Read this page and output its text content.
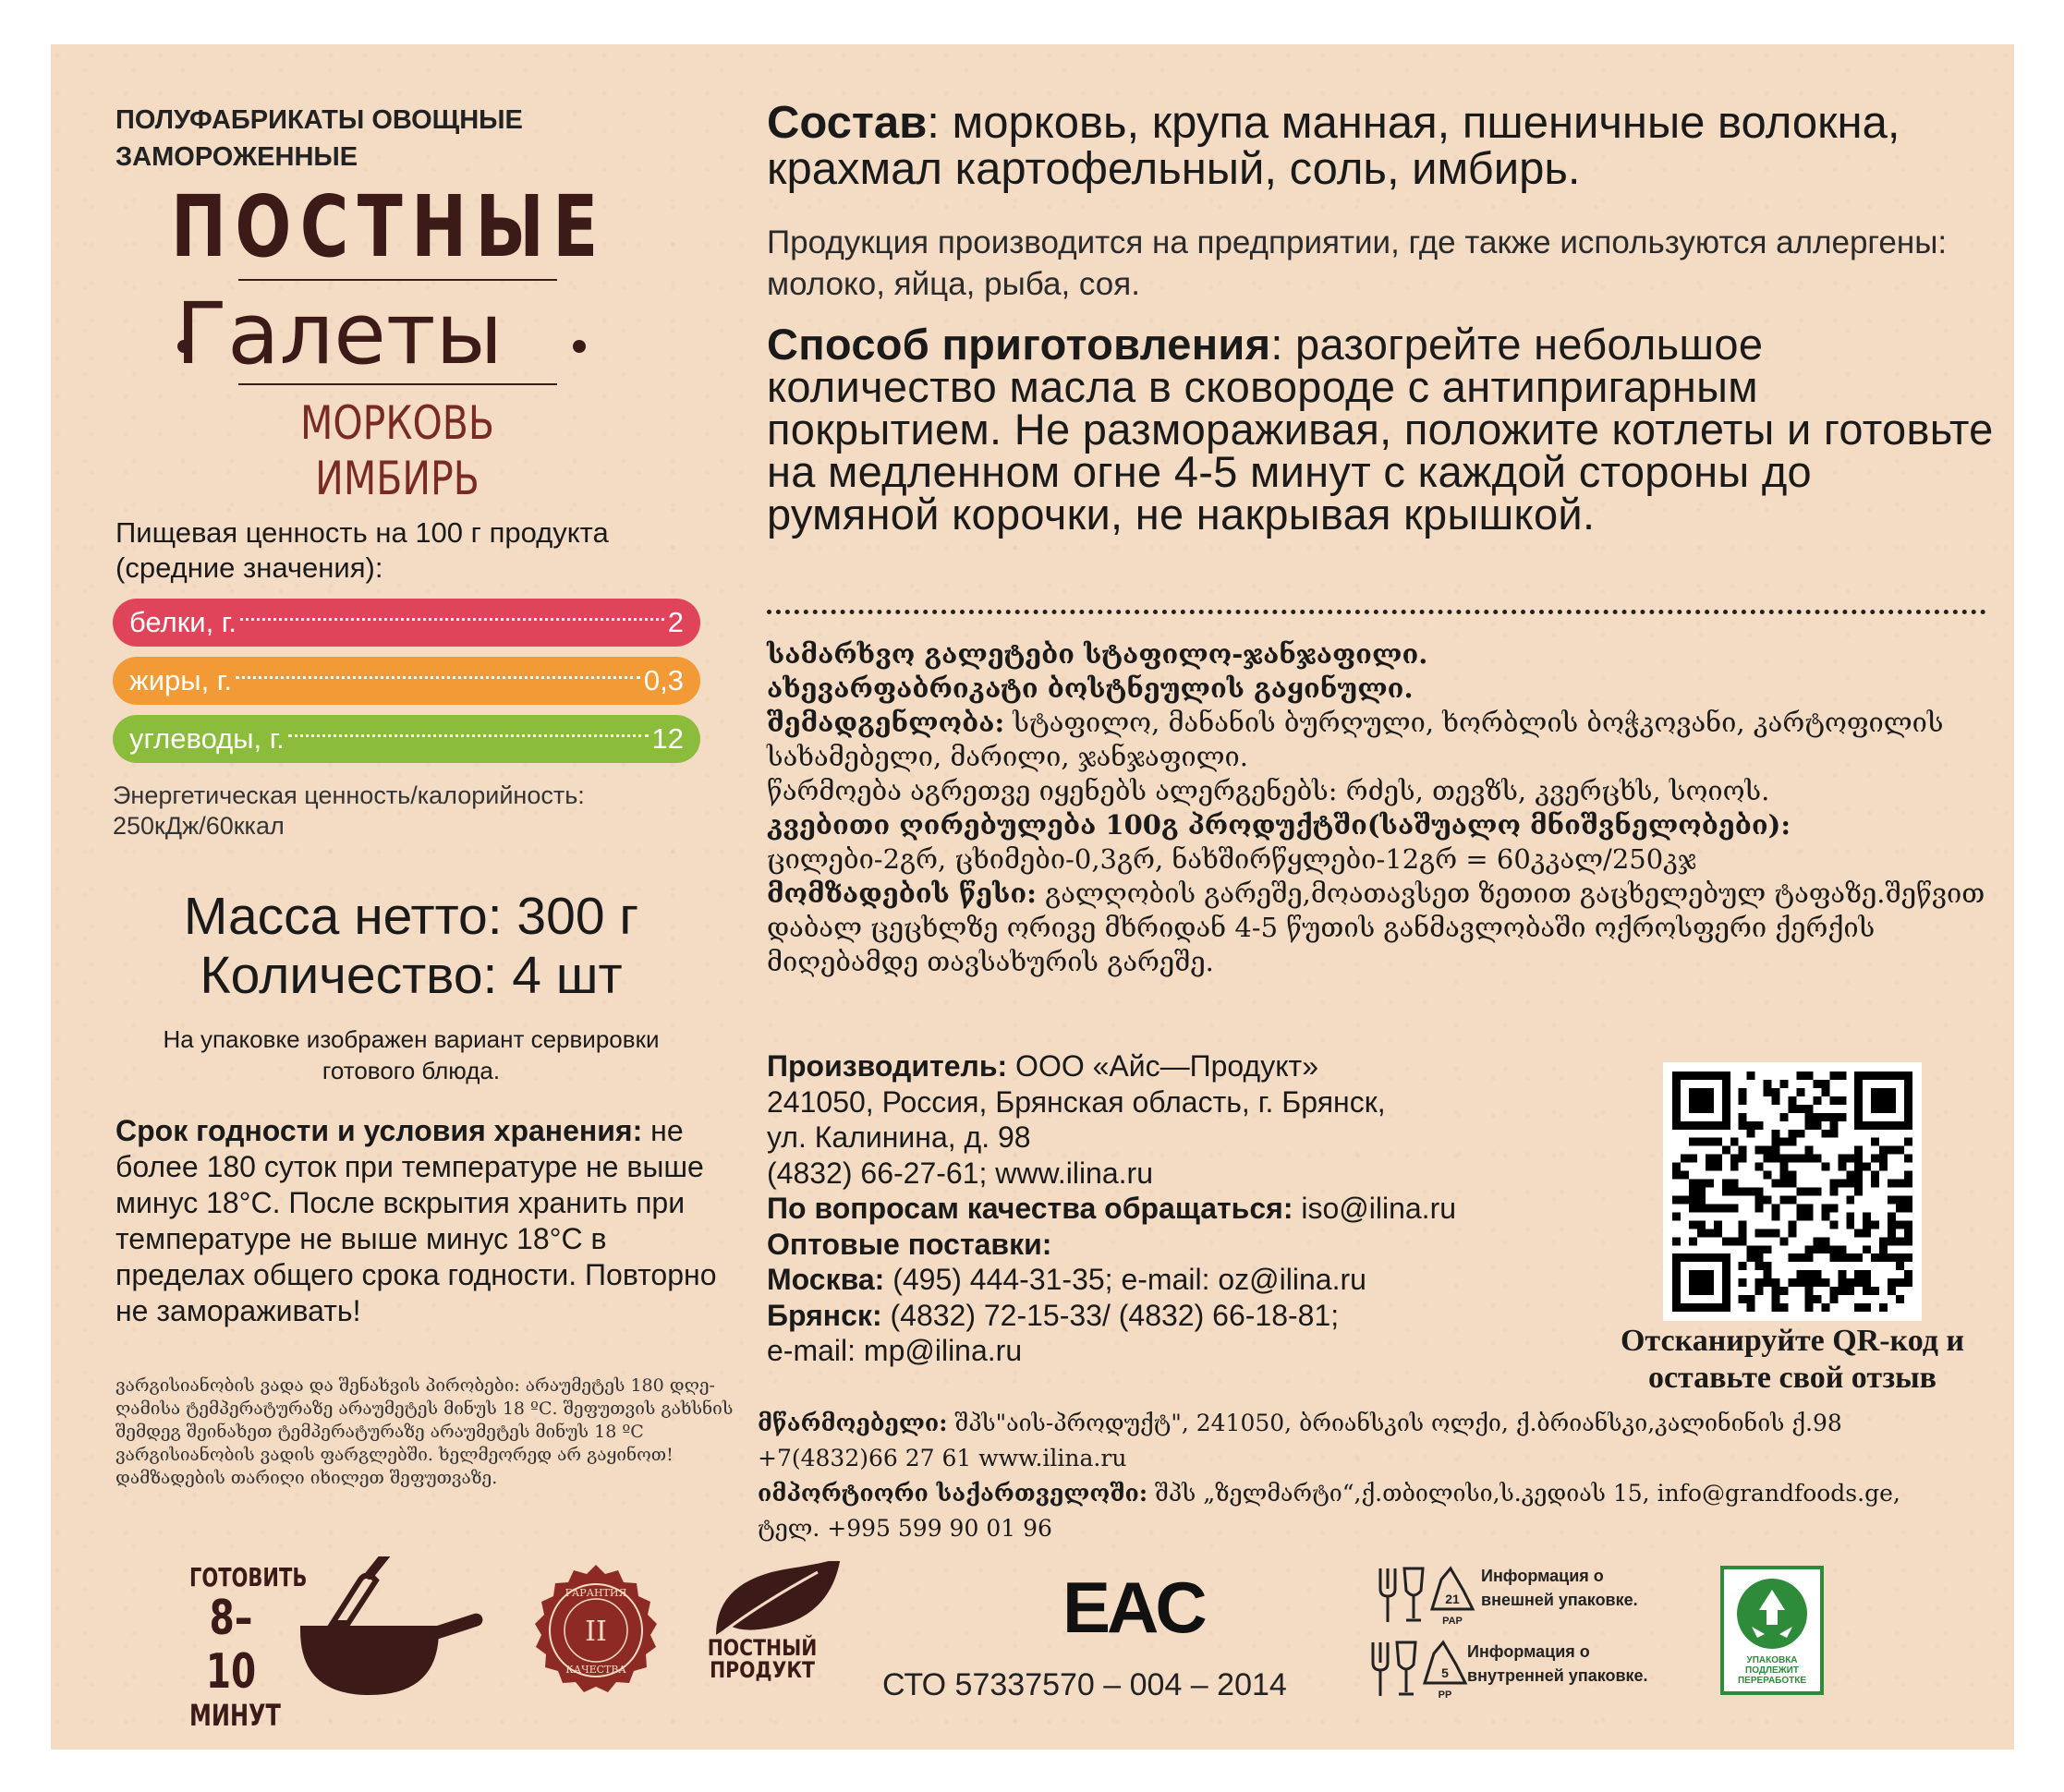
ПОЛУФАБРИКАТЫ ОВОЩНЫЕ ЗАМОРОЖЕННЫЕ
ПОСТНЫЕ
Галеты
МОРКОВЬ
ИМБИРЬ
Пищевая ценность на 100 г продукта (средние значения):
белки, г.	2
жиры, г.	0,3
углеводы, г.	12
Энергетическая ценность/калорийность: 250кДж/60ккал
Масса нетто: 300 г
Количество: 4 шт
На упаковке изображен вариант сервировки готового блюда.
Срок годности и условия хранения: не более 180 суток при температуре не выше минус 18°С. После вскрытия хранить при температуре не выше минус 18°С в пределах общего срока годности. Повторно не замораживать!
ვარგისიანობის ვადა და შენახვის პირობები: არაუმეტეს 180 დღე-ღამისა ტემპერატურაზე არაუმეტეს მინუს 18 ºС. შეფუთვის გახსნის შემდეგ შეინახეთ ტემპერატურაზე არაუმეტეს მინუს 18 ºС ვარგისიანობის ვადის ფარგლებში. ხელმეორედ არ გაყინოთ! დამზადების თარიღი იხილეთ შეფუთვაზე.
Состав: морковь, крупа манная, пшеничные волокна, крахмал картофельный, соль, имбирь.
Продукция производится на предприятии, где также используются аллергены: молоко, яйца, рыба, соя.
Способ приготовления: разогрейте небольшое количество масла в сковороде с антипригарным покрытием. Не размораживая, положите котлеты и готовьте на медленном огне 4-5 минут с каждой стороны до румяной корочки, не накрывая крышкой.
სამარხვო გალეტები სტაფილო-ჯანჯაფილი.
ახევარფაბრიკატი ბოსტნეულის გაყინული.
შემადგენლობა: სტაფილო, მანანის ბურღული, ხორბლის ბოჭკოვანი, კარტოფილის სახამებელი, მარილი, ჯანჯაფილი.
წარმოება აგრეთვე იყენებს ალერგენებს: რძეს, თევზს, კვერცხს, სოიოს.
კვებითი ღირებულება 100გ პროდუქტში(საშუალო მნიშვნელობები):
ცილები-2გრ, ცხიმები-0,3გრ, ნახშირწყლები-12გრ = 60კკალ/250კჯ
მომზადების წესი: გალღობის გარეშე,მოათავსეთ ზეთით გაცხელებულ ტაფაზე.შეწვით დაბალ ცეცხლზე ორივე მხრიდან 4-5 წუთის განმავლობაში ოქროსფერი ქერქის მიღებამდე თავსახურის გარეშე.
Производитель: ООО «Айс—Продукт»
241050, Россия, Брянская область, г. Брянск,
ул. Калинина, д. 98
(4832) 66-27-61; www.ilina.ru
По вопросам качества обращаться: iso@ilina.ru
Оптовые поставки:
Москва: (495) 444-31-35; e-mail: oz@ilina.ru
Брянск: (4832) 72-15-33/ (4832) 66-18-81;
e-mail: mp@ilina.ru	Отсканируйте QR-код и оставьте свой отзыв
მწარმოებელი: შპს"აის-პროდუქტ", 241050, ბრიანსკის ოლქი, ქ.ბრიანსკი,კალინინის ქ.98
+7(4832)66 27 61 www.ilina.ru
იმპორტიორი საქართველოში: შპს „ზელმარტი“,ქ.თბილისი,ს.კედიას 15, info@grandfoods.ge,
ტელ. +995 599 90 01 96
ГОТОВИТЬ
8–10
МИНУТ
II
ГАРАНТИЯ
КАЧЕСТВА
ПОСТНЫЙ
ПРОДУКТ СТО 57337570 – 004 – 2014
EAC	21
PAP
Информация о
внешней упаковке.
5
PP
Информация о
внутренней упаковке.
УПАКОВКА ПОДЛЕЖИТ ПЕРЕРАБОТКЕ
